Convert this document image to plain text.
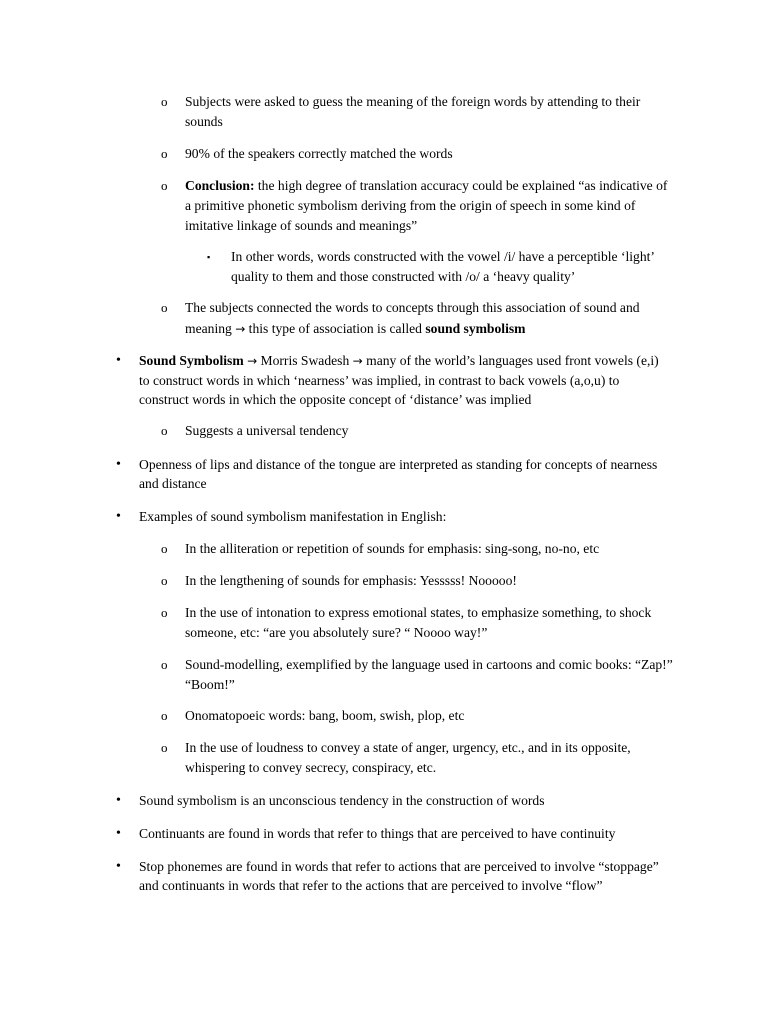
o Subjects were asked to guess the meaning of the foreign words by attending to their
sounds
o 90% of the speakers correctly matched the words
o Conclusion: the high degree of translation accuracy could be explained “as indicative of
a primitive phonetic symbolism deriving from the origin of speech in some kind of
imitative linkage of sounds and meanings”
▪ In other words, words constructed with the vowel /i/ have a perceptible ‘light’
quality to them and those constructed with /o/ a ‘heavy quality’
o The subjects connected the words to concepts through this association of sound and
meaning → this type of association is called sound symbolism
• Sound Symbolism → Morris Swadesh → many of the world’s languages used front vowels (e,i)
to construct words in which ‘nearness’ was implied, in contrast to back vowels (a,o,u) to
construct words in which the opposite concept of ‘distance’ was implied
o Suggests a universal tendency
• Openness of lips and distance of the tongue are interpreted as standing for concepts of nearness
and distance
• Examples of sound symbolism manifestation in English:
o In the alliteration or repetition of sounds for emphasis: sing-song, no-no, etc
o In the lengthening of sounds for emphasis: Yesssss! Nooooo!
o In the use of intonation to express emotional states, to emphasize something, to shock
someone, etc: “are you absolutely sure? “ Noooo way!”
o Sound-modelling, exemplified by the language used in cartoons and comic books: “Zap!”
“Boom!”
o Onomatopoeic words: bang, boom, swish, plop, etc
o In the use of loudness to convey a state of anger, urgency, etc., and in its opposite,
whispering to convey secrecy, conspiracy, etc.
• Sound symbolism is an unconscious tendency in the construction of words
• Continuants are found in words that refer to things that are perceived to have continuity
• Stop phonemes are found in words that refer to actions that are perceived to involve “stoppage”
and continuants in words that refer to the actions that are perceived to involve “flow”
